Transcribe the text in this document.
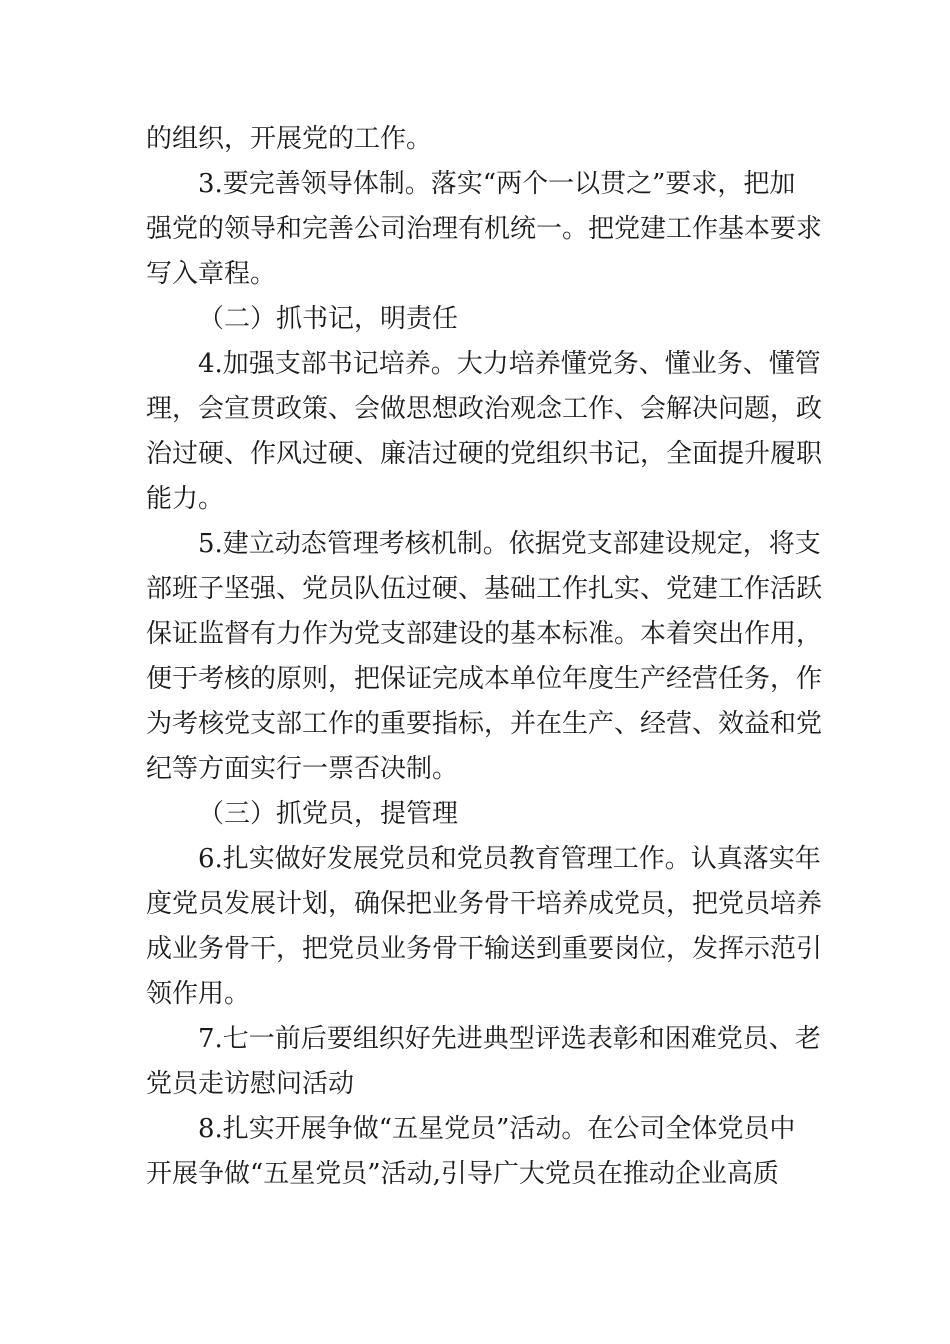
的组织，开展党的工作。
3.要完善领导体制。落实“两个一以贯之”要求，把加
强党的领导和完善公司治理有机统一。把党建工作基本要求
写入章程。
（二）抓书记，明责任
4.加强支部书记培养。大力培养懂党务、懂业务、懂管
理，会宣贯政策、会做思想政治观念工作、会解决问题，政
治过硬、作风过硬、廉洁过硬的党组织书记，全面提升履职
能力。
5.建立动态管理考核机制。依据党支部建设规定，将支
部班子坚强、党员队伍过硬、基础工作扎实、党建工作活跃
保证监督有力作为党支部建设的基本标准。本着突出作用，
便于考核的原则，把保证完成本单位年度生产经营任务，作
为考核党支部工作的重要指标，并在生产、经营、效益和党
纪等方面实行一票否决制。
（三）抓党员，提管理
6.扎实做好发展党员和党员教育管理工作。认真落实年
度党员发展计划，确保把业务骨干培养成党员，把党员培养
成业务骨干，把党员业务骨干输送到重要岗位，发挥示范引
领作用。
7.七一前后要组织好先进典型评选表彰和困难党员、老
党员走访慰问活动
8.扎实开展争做“五星党员”活动。在公司全体党员中
开展争做“五星党员”活动,引导广大党员在推动企业高质
